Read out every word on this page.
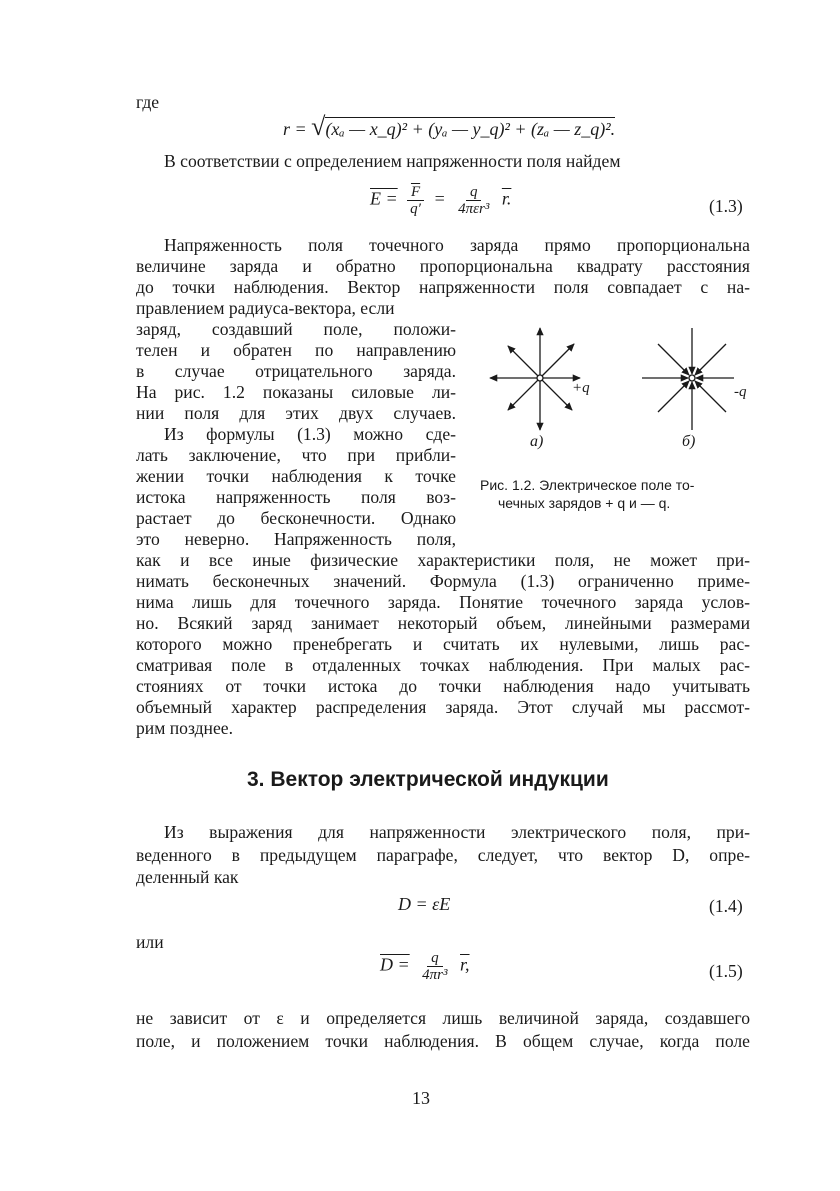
где
r = √(xₐ — x_q)² + (yₐ — y_q)² + (zₐ — z_q)².
В соответствии с определением напряженности поля найдем
$E = \frac{\overline{F}}{q'} = \frac{q}{\text{4πεr³}} r$.	(1.3)
Напряженность поля точечного заряда прямо пропорциональна
величине заряда и обратно пропорциональна квадрату расстояния
до точки наблюдения. Вектор напряженности поля совпадает с на-
правлением радиуса-вектора, если
заряд, создавший поле, положи-
телен и обратен по направлению
в случае отрицательного заряда.
На рис. 1.2 показаны силовые ли-
нии поля для этих двух случаев.
Из формулы (1.3) можно сде-
лать заключение, что при прибли-
жении точки наблюдения к точке
истока напряженность поля воз-
растает до бесконечности. Однако
это неверно. Напряженность поля,
как и все иные физические характеристики поля, не может при-
нимать бесконечных значений. Формула (1.3) ограниченно приме-
нима лишь для точечного заряда. Понятие точечного заряда услов-
но. Всякий заряд занимает некоторый объем, линейными размерами
которого можно пренебрегать и считать их нулевыми, лишь рас-
сматривая поле в отдаленных точках наблюдения. При малых рас-
стояниях от точки истока до точки наблюдения надо учитывать
объемный характер распределения заряда. Этот случай мы рассмот-
рим позднее.
+q	-q
а)	б)
Рис. 1.2. Электрическое поле то-
чечных зарядов + q и — q.
3. Вектор электрической индукции
Из выражения для напряженности электрического поля, при-
веденного в предыдущем параграфе, следует, что вектор D, опре-
деленный как
D = εE	(1.4)
или
$D = \frac{q}{\text{4πr³}} r$,	(1.5)
не зависит от ε и определяется лишь величиной заряда, создавшего
поле, и положением точки наблюдения. В общем случае, когда поле
13
